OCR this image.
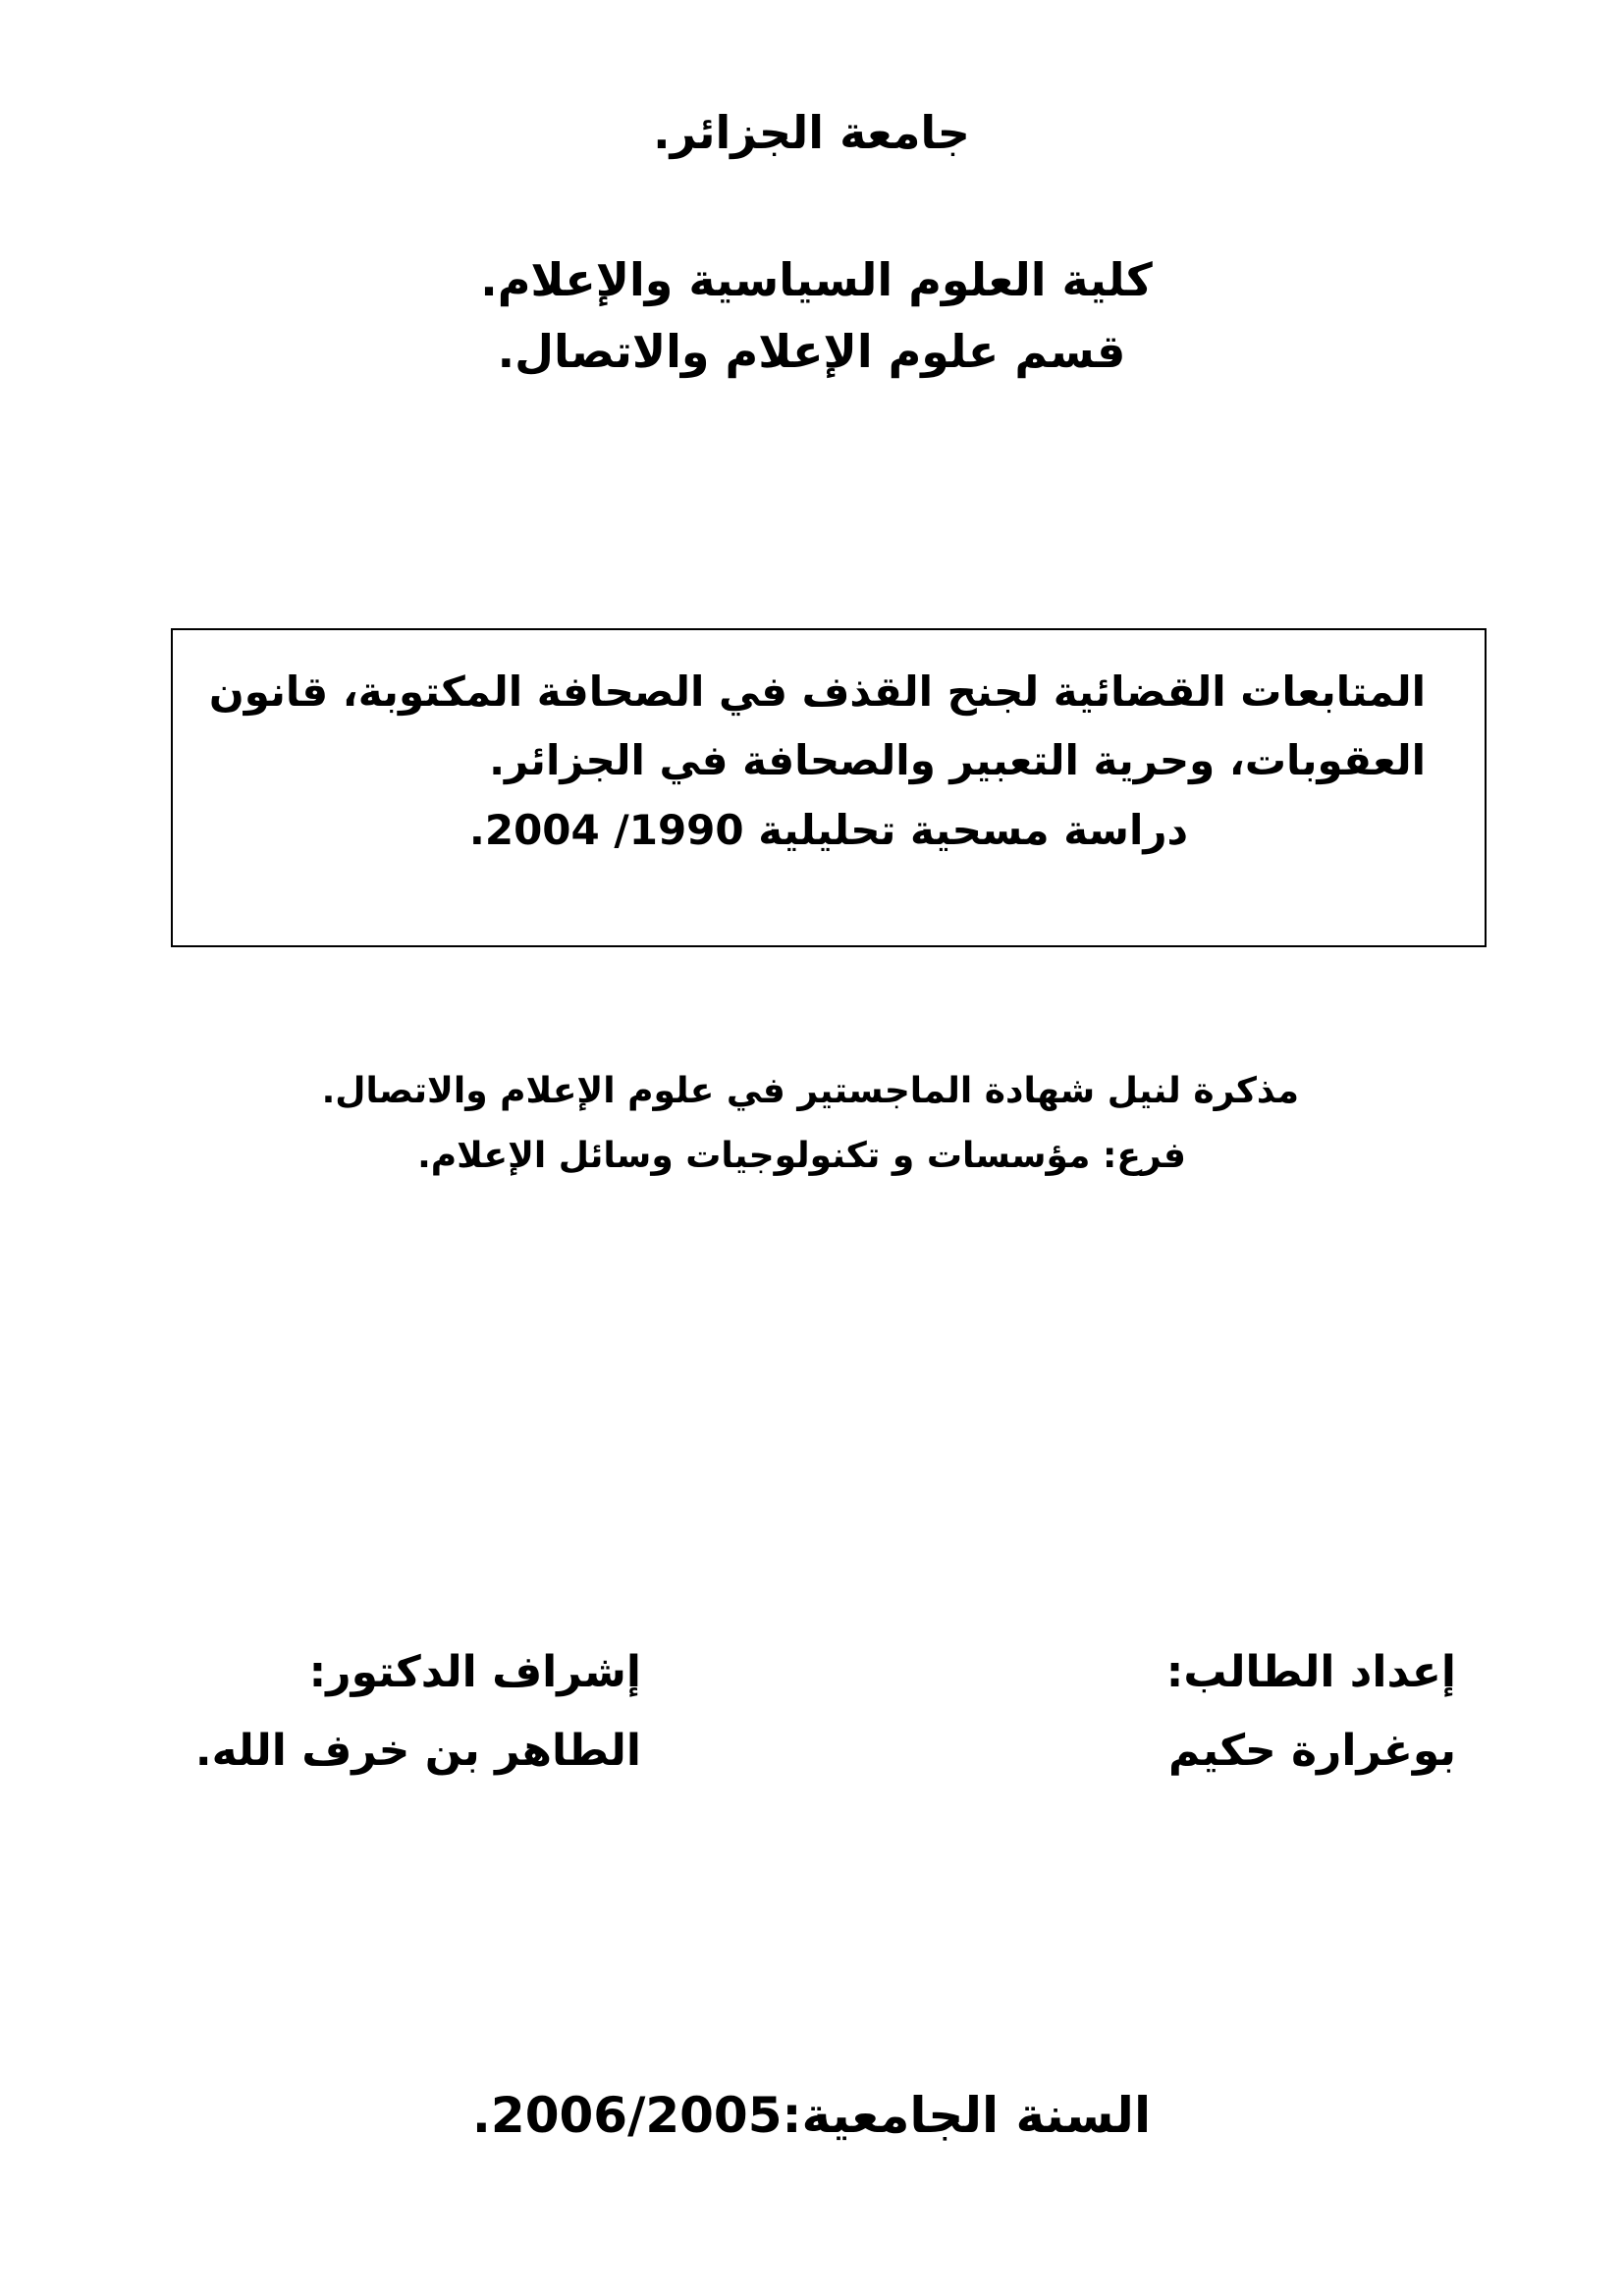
جامعة الجزائر.
كلية العلوم السياسية والإعلام.
قسم علوم الإعلام والاتصال.
المتابعات القضائية لجنح القذف في الصحافة المكتوبة، قانون
العقوبات، وحرية التعبير والصحافة في الجزائر.
دراسة مسحية تحليلية 1990/ 2004.
مذكرة لنيل شهادة الماجستير في علوم الإعلام والاتصال.
فرع: مؤسسات و تكنولوجيات وسائل الإعلام.
إعداد الطالب:
بوغرارة حكيم
إشراف الدكتور:
الطاهر بن خرف الله.
السنة الجامعية:2006/2005.
